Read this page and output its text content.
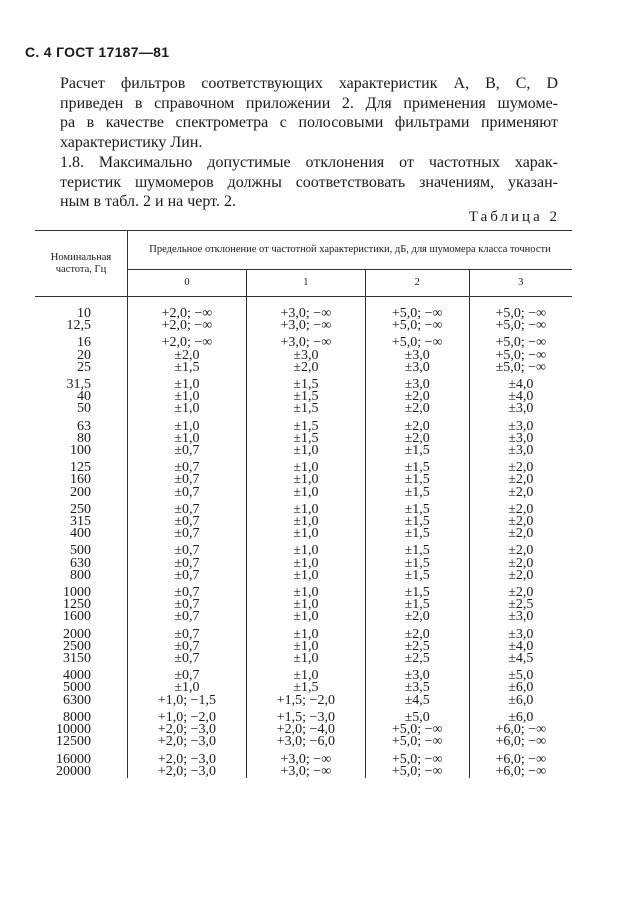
С. 4 ГОСТ 17187—81
Расчет фильтров соответствующих характеристик А, В, С, D
приведен в справочном приложении 2. Для применения шумоме-
ра в качестве спектрометра с полосовыми фильтрами применяют
характеристику Лин.
1.8. Максимально допустимые отклонения от частотных харак-
теристик шумомеров должны соответствовать значениям, указан-
ным в табл. 2 и на черт. 2.
Таблица 2
Номинальная частота, Гц	Предельное отклонение от частотной характеристики, дБ, для шумомера класса точности			
	0	1	2	3

10	+2,0; −∞	+3,0; −∞	+5,0; −∞	+5,0; −∞
12,5	+2,0; −∞	+3,0; −∞	+5,0; −∞	+5,0; −∞

16	+2,0; −∞	+3,0; −∞	+5,0; −∞	+5,0; −∞
20	±2,0	±3,0	±3,0	+5,0; −∞
25	±1,5	±2,0	±3,0	±5,0; −∞

31,5	±1,0	±1,5	±3,0	±4,0
40	±1,0	±1,5	±2,0	±4,0
50	±1,0	±1,5	±2,0	±3,0

63	±1,0	±1,5	±2,0	±3,0
80	±1,0	±1,5	±2,0	±3,0
100	±0,7	±1,0	±1,5	±3,0

125	±0,7	±1,0	±1,5	±2,0
160	±0,7	±1,0	±1,5	±2,0
200	±0,7	±1,0	±1,5	±2,0

250	±0,7	±1,0	±1,5	±2,0
315	±0,7	±1,0	±1,5	±2,0
400	±0,7	±1,0	±1,5	±2,0

500	±0,7	±1,0	±1,5	±2,0
630	±0,7	±1,0	±1,5	±2,0
800	±0,7	±1,0	±1,5	±2,0

1000	±0,7	±1,0	±1,5	±2,0
1250	±0,7	±1,0	±1,5	±2,5
1600	±0,7	±1,0	±2,0	±3,0

2000	±0,7	±1,0	±2,0	±3,0
2500	±0,7	±1,0	±2,5	±4,0
3150	±0,7	±1,0	±2,5	±4,5

4000	±0,7	±1,0	±3,0	±5,0
5000	±1,0	±1,5	±3,5	±6,0
6300	+1,0; −1,5	+1,5; −2,0	±4,5	±6,0

8000	+1,0; −2,0	+1,5; −3,0	±5,0	±6,0
10000	+2,0; −3,0	+2,0; −4,0	+5,0; −∞	+6,0; −∞
12500	+2,0; −3,0	+3,0; −6,0	+5,0; −∞	+6,0; −∞

16000	+2,0; −3,0	+3,0; −∞	+5,0; −∞	+6,0; −∞
20000	+2,0; −3,0	+3,0; −∞	+5,0; −∞	+6,0; −∞
